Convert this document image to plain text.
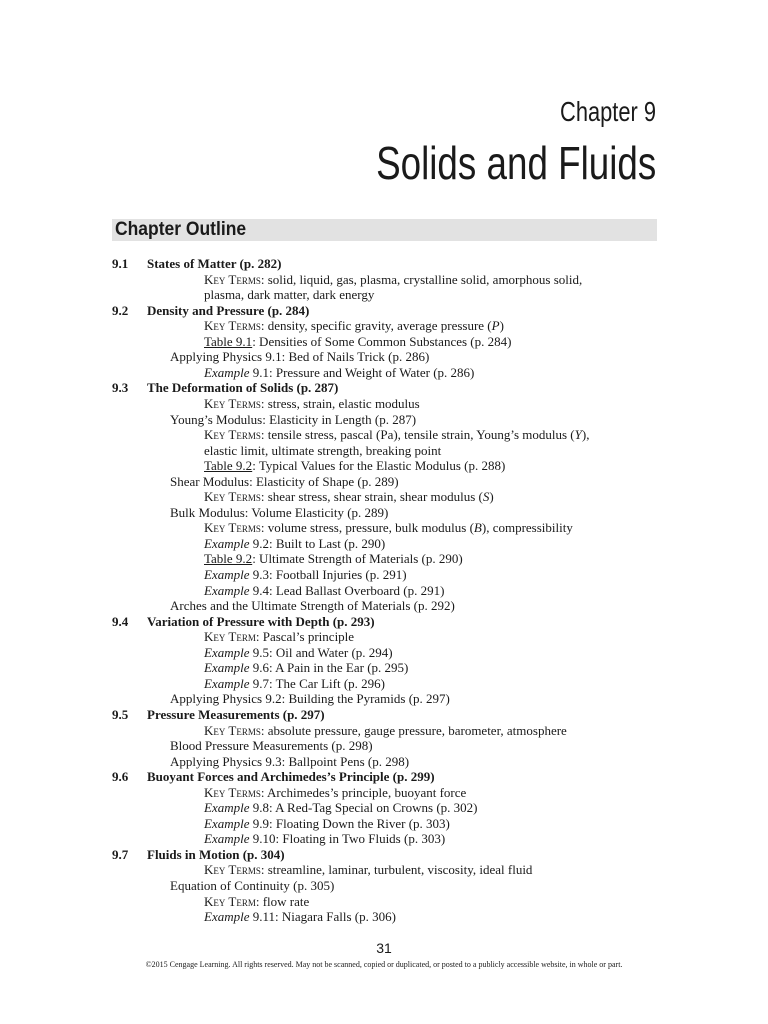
Chapter 9
Solids and Fluids
Chapter Outline
9.1 States of Matter (p. 282)
Key Terms: solid, liquid, gas, plasma, crystalline solid, amorphous solid,
plasma, dark matter, dark energy
9.2 Density and Pressure (p. 284)
Key Terms: density, specific gravity, average pressure (P)
Table 9.1: Densities of Some Common Substances (p. 284)
Applying Physics 9.1: Bed of Nails Trick (p. 286)
Example 9.1: Pressure and Weight of Water (p. 286)
9.3 The Deformation of Solids (p. 287)
Key Terms: stress, strain, elastic modulus
Young’s Modulus: Elasticity in Length (p. 287)
Key Terms: tensile stress, pascal (Pa), tensile strain, Young’s modulus (Y),
elastic limit, ultimate strength, breaking point
Table 9.2: Typical Values for the Elastic Modulus (p. 288)
Shear Modulus: Elasticity of Shape (p. 289)
Key Terms: shear stress, shear strain, shear modulus (S)
Bulk Modulus: Volume Elasticity (p. 289)
Key Terms: volume stress, pressure, bulk modulus (B), compressibility
Example 9.2: Built to Last (p. 290)
Table 9.2: Ultimate Strength of Materials (p. 290)
Example 9.3: Football Injuries (p. 291)
Example 9.4: Lead Ballast Overboard (p. 291)
Arches and the Ultimate Strength of Materials (p. 292)
9.4 Variation of Pressure with Depth (p. 293)
Key Term: Pascal’s principle
Example 9.5: Oil and Water (p. 294)
Example 9.6: A Pain in the Ear (p. 295)
Example 9.7: The Car Lift (p. 296)
Applying Physics 9.2: Building the Pyramids (p. 297)
9.5 Pressure Measurements (p. 297)
Key Terms: absolute pressure, gauge pressure, barometer, atmosphere
Blood Pressure Measurements (p. 298)
Applying Physics 9.3: Ballpoint Pens (p. 298)
9.6 Buoyant Forces and Archimedes’s Principle (p. 299)
Key Terms: Archimedes’s principle, buoyant force
Example 9.8: A Red-Tag Special on Crowns (p. 302)
Example 9.9: Floating Down the River (p. 303)
Example 9.10: Floating in Two Fluids (p. 303)
9.7 Fluids in Motion (p. 304)
Key Terms: streamline, laminar, turbulent, viscosity, ideal fluid
Equation of Continuity (p. 305)
Key Term: flow rate
Example 9.11: Niagara Falls (p. 306)
31
©2015 Cengage Learning. All rights reserved. May not be scanned, copied or duplicated, or posted to a publicly accessible website, in whole or part.
